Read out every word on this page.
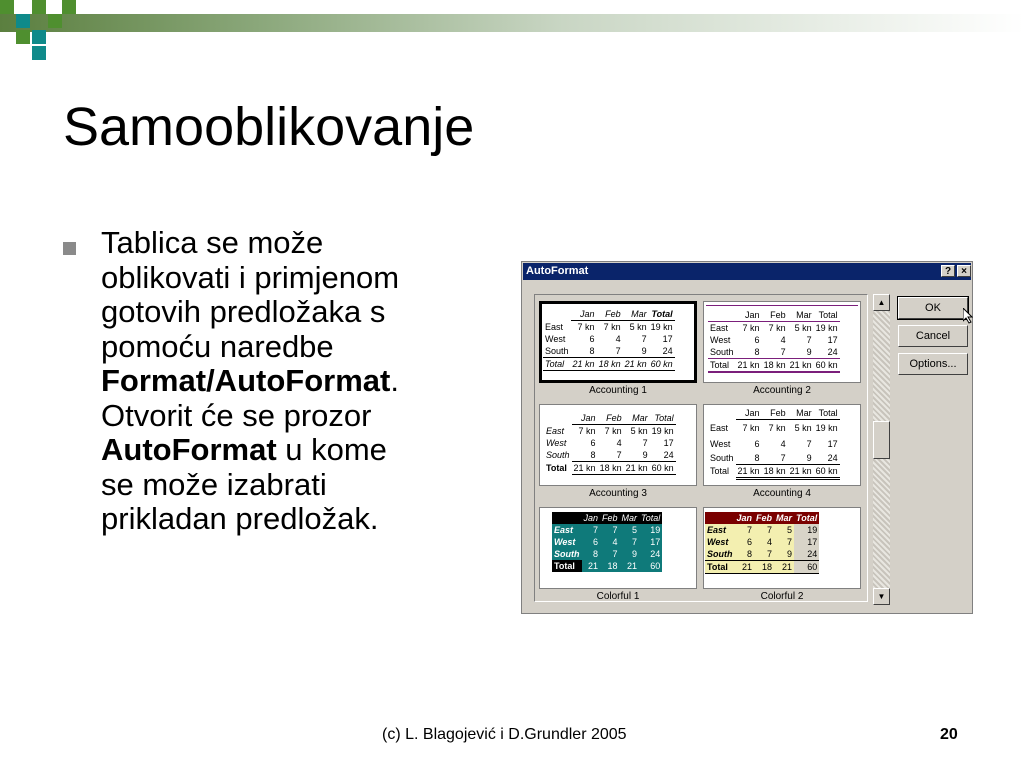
Samooblikovanje
Tablica se može
oblikovati i primjenom
gotovih predložaka s
pomoću naredbe
Format/AutoFormat.
Otvorit će se prozor
AutoFormat u kome
se može izabrati
prikladan predložak.
AutoFormat	?	×
	Jan	Feb	Mar	Total
East	7 kn	7 kn	5 kn	19 kn
West	6	4	7	17
South	8	7	9	24
Total	21 kn	18 kn	21 kn	60 kn
Accounting 1
	Jan	Feb	Mar	Total
East	7 kn	7 kn	5 kn	19 kn
West	6	4	7	17
South	8	7	9	24
Total	21 kn	18 kn	21 kn	60 kn
Accounting 2
	Jan	Feb	Mar	Total
East	7 kn	7 kn	5 kn	19 kn
West	6	4	7	17
South	8	7	9	24
Total	21 kn	18 kn	21 kn	60 kn
Accounting 3
	Jan	Feb	Mar	Total
East	7 kn	7 kn	5 kn	19 kn
West	6	4	7	17
South	8	7	9	24
Total	21 kn	18 kn	21 kn	60 kn
Accounting 4
	Jan	Feb	Mar	Total
East	7	7	5	19
West	6	4	7	17
South	8	7	9	24
Total	21	18	21	60
Colorful 1
	Jan	Feb	Mar	Total
East	7	7	5	19
West	6	4	7	17
South	8	7	9	24
Total	21	18	21	60
Colorful 2
▲
▼
OK
Cancel
Options...
(c) L. Blagojević i D.Grundler 2005	20
